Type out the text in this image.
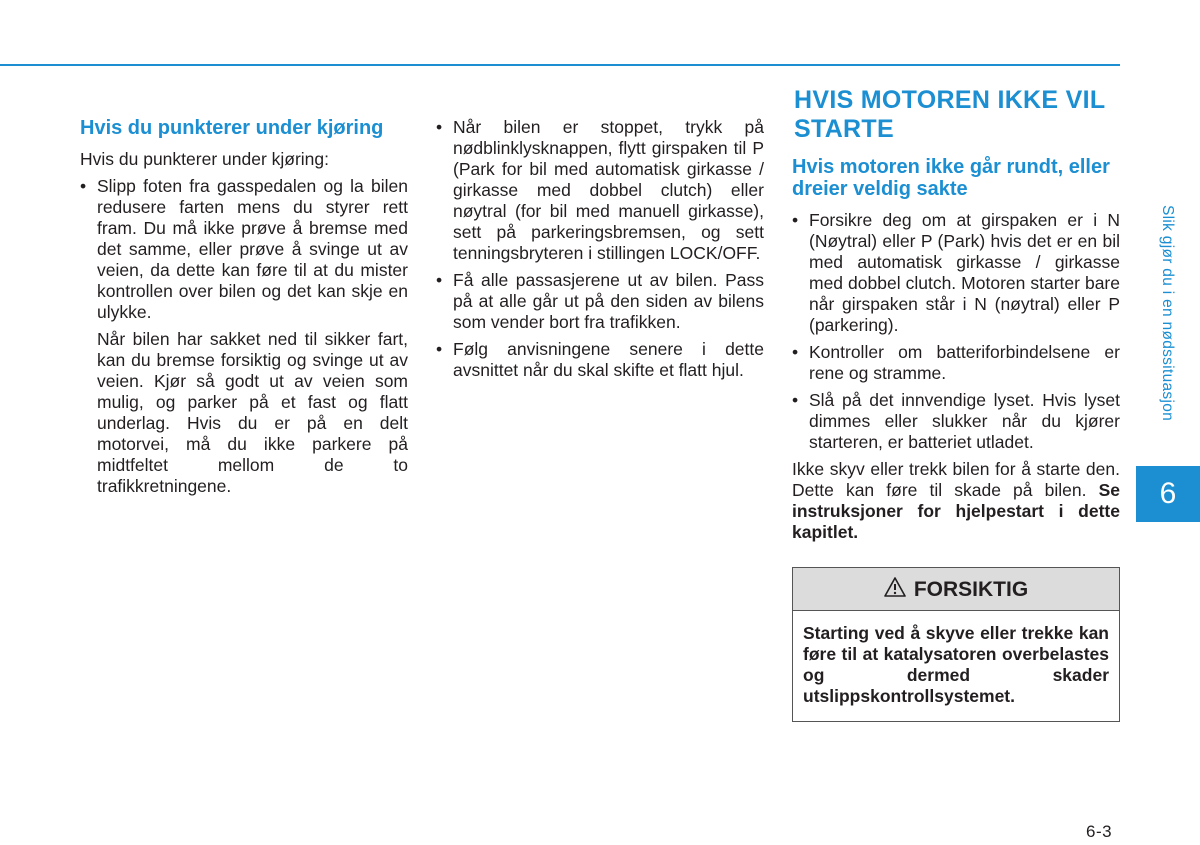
Hvis du punkterer under kjøring

Hvis du punkterer under kjøring:

• Slipp foten fra gasspedalen og la bilen redusere farten mens du styrer rett fram. Du må ikke prøve å bremse med det samme, eller prøve å svinge ut av veien, da dette kan føre til at du mister kontrollen over bilen og det kan skje en ulykke.

Når bilen har sakket ned til sikker fart, kan du bremse forsiktig og svinge ut av veien. Kjør så godt ut av veien som mulig, og parker på et fast og flatt underlag. Hvis du er på en delt motorvei, må du ikke parkere på midtfeltet mellom de to trafikkretningene.

• Når bilen er stoppet, trykk på nødblinklysknappen, flytt girspaken til P (Park for bil med automatisk girkasse / girkasse med dobbel clutch) eller nøytral (for bil med manuell girkasse), sett på parkeringsbremsen, og sett tenningsbryteren i stillingen LOCK/OFF.
• Få alle passasjerene ut av bilen. Pass på at alle går ut på den siden av bilens som vender bort fra trafikken.
• Følg anvisningene senere i dette avsnittet når du skal skifte et flatt hjul.
HVIS MOTOREN IKKE VIL STARTE
Hvis motoren ikke går rundt, eller dreier veldig sakte
• Forsikre deg om at girspaken er i N (Nøytral) eller P (Park) hvis det er en bil med automatisk girkasse / girkasse med dobbel clutch. Motoren starter bare når girspaken står i N (nøytral) eller P (parkering).
• Kontroller om batteriforbindelsene er rene og stramme.
• Slå på det innvendige lyset. Hvis lyset dimmes eller slukker når du kjører starteren, er batteriet utladet.

Ikke skyv eller trekk bilen for å starte den. Dette kan føre til skade på bilen. Se instruksjoner for hjelpestart i dette kapitlet.

FORSIKTIG
Starting ved å skyve eller trekke kan føre til at katalysatoren overbelastes og dermed skader utslippskontrollsystemet.
Slik gjør du i en nødssituasjon
6
6-3
